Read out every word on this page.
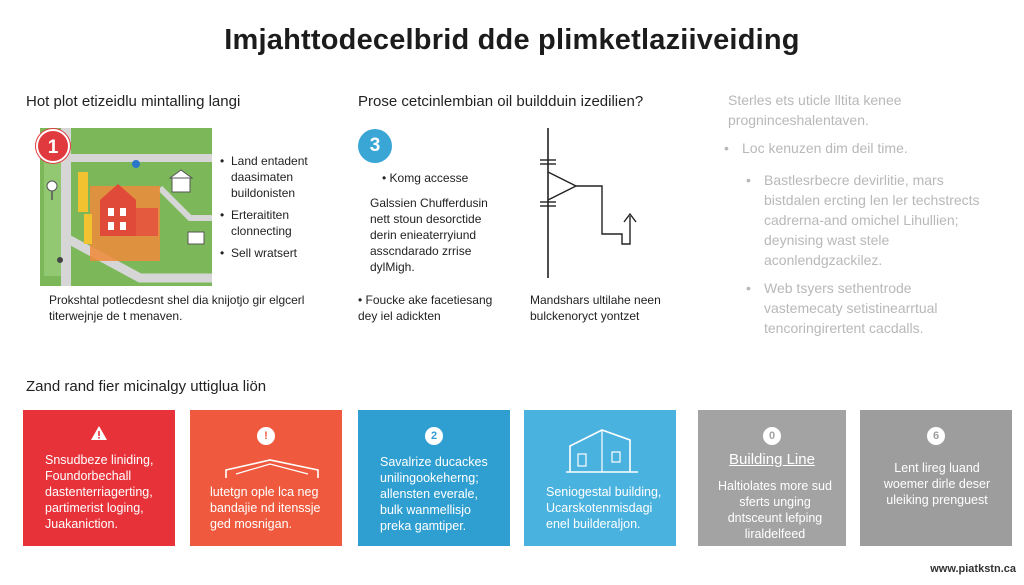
Imjahttodecelbrid dde plimketlaziiveiding
Hot plot etizeidlu mintalling langi
1
• Land entadent daasimaten buildonisten
• Erteraititen clonnecting
• Sell wratsert
Prokshtal potlecdesnt shel dia knijotjo gir elgcerl titerwejnje de t menaven.
Prose cetcinlembian oil buildduin izedilien?
3
• Komg accesse
Galssien Chufferdusin nett stoun desorctide derin enieaterryiund asscndarado zrrise dylMigh.
• Foucke ake facetiesang dey iel adickten
Mandshars ultilahe neen bulckenoryct yontzet
Sterles ets uticle lltita kenee progninceshalentaven.
• Loc kenuzen dim deil time.
• Bastlesrbecre devirlitie, mars bistdalen ercting len ler techstrects cadrerna-and omichel Lihullien; deynising wast stele aconlendgzackilez.
• Web tsyers sethentrode vastemecaty setistinearrtual tencoringirertent cacdalls.
Zand rand fier micinalgy uttiglua liön
Snsudbeze liniding, Foundorbechall dastenterriagerting, partimerist loging, Juakaniction.
!
lutetgn ople lca neg bandajie nd itenssje ged mosnigan.
2
Savalrize ducackes unilingookeherng; allensten everale, bulk wanmellisjo preka gamtiper.
Seniogestal building, Ucarskotenmisdagi enel builderaljon.
0
Building Line
Haltiolates more sud sferts unging dntsceunt lefping liraldelfeed
6
Lent lireg luand woemer dirle deser uleiking prenguest
www.piatkstn.ca
